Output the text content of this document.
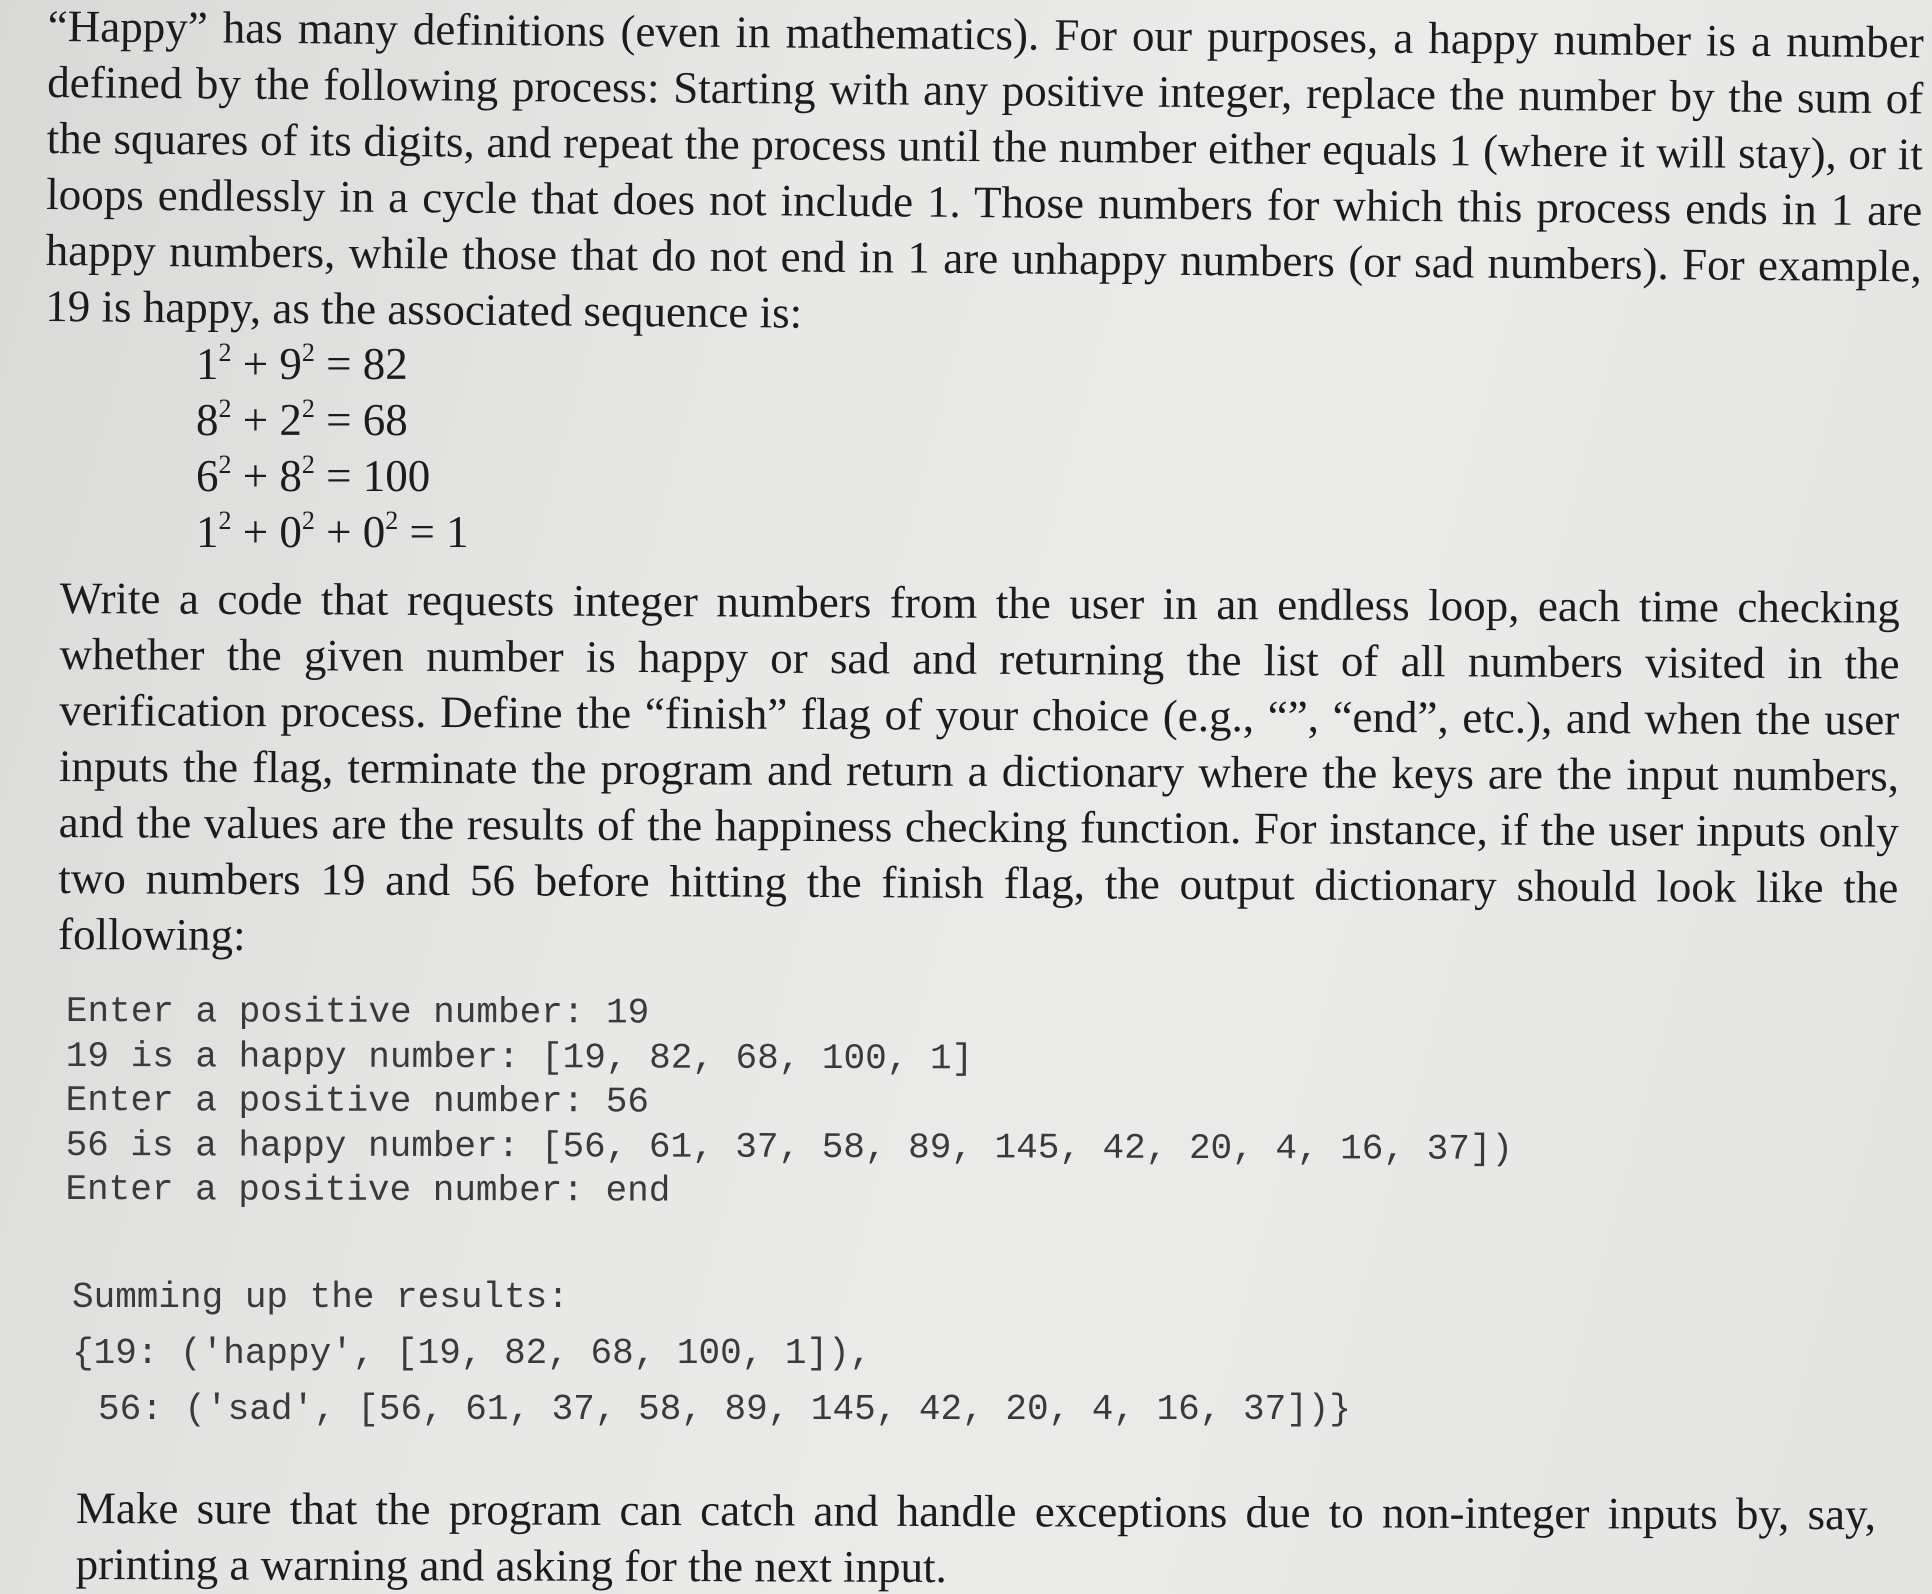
“Happy” has many definitions (even in mathematics). For our purposes, a happy number is a number defined by the following process: Starting with any positive integer, replace the number by the sum of the squares of its digits, and repeat the process until the number either equals 1 (where it will stay), or it loops endlessly in a cycle that does not include 1. Those numbers for which this process ends in 1 are happy numbers, while those that do not end in 1 are unhappy numbers (or sad numbers). For example, 19 is happy, as the associated sequence is:

$1^2 + 9^2 = 82$
$8^2 + 2^2 = 68$
$6^2 + 8^2 = 100$
$1^2 + 0^2 + 0^2 = 1$

Write a code that requests integer numbers from the user in an endless loop, each time checking whether the given number is happy or sad and returning the list of all numbers visited in the verification process. Define the “finish” flag of your choice (e.g., “”, “end”, etc.), and when the user inputs the flag, terminate the program and return a dictionary where the keys are the input numbers, and the values are the results of the happiness checking function. For instance, if the user inputs only two numbers 19 and 56 before hitting the finish flag, the output dictionary should look like the following:

Enter a positive number: 19
19 is a happy number: [19, 82, 68, 100, 1]
Enter a positive number: 56
56 is a happy number: [56, 61, 37, 58, 89, 145, 42, 20, 4, 16, 37])
Enter a positive number: end
Summing up the results:
{19: ('happy', [19, 82, 68, 100, 1]),
56: ('sad', [56, 61, 37, 58, 89, 145, 42, 20, 4, 16, 37])}

Make sure that the program can catch and handle exceptions due to non-integer inputs by, say, printing a warning and asking for the next input.
